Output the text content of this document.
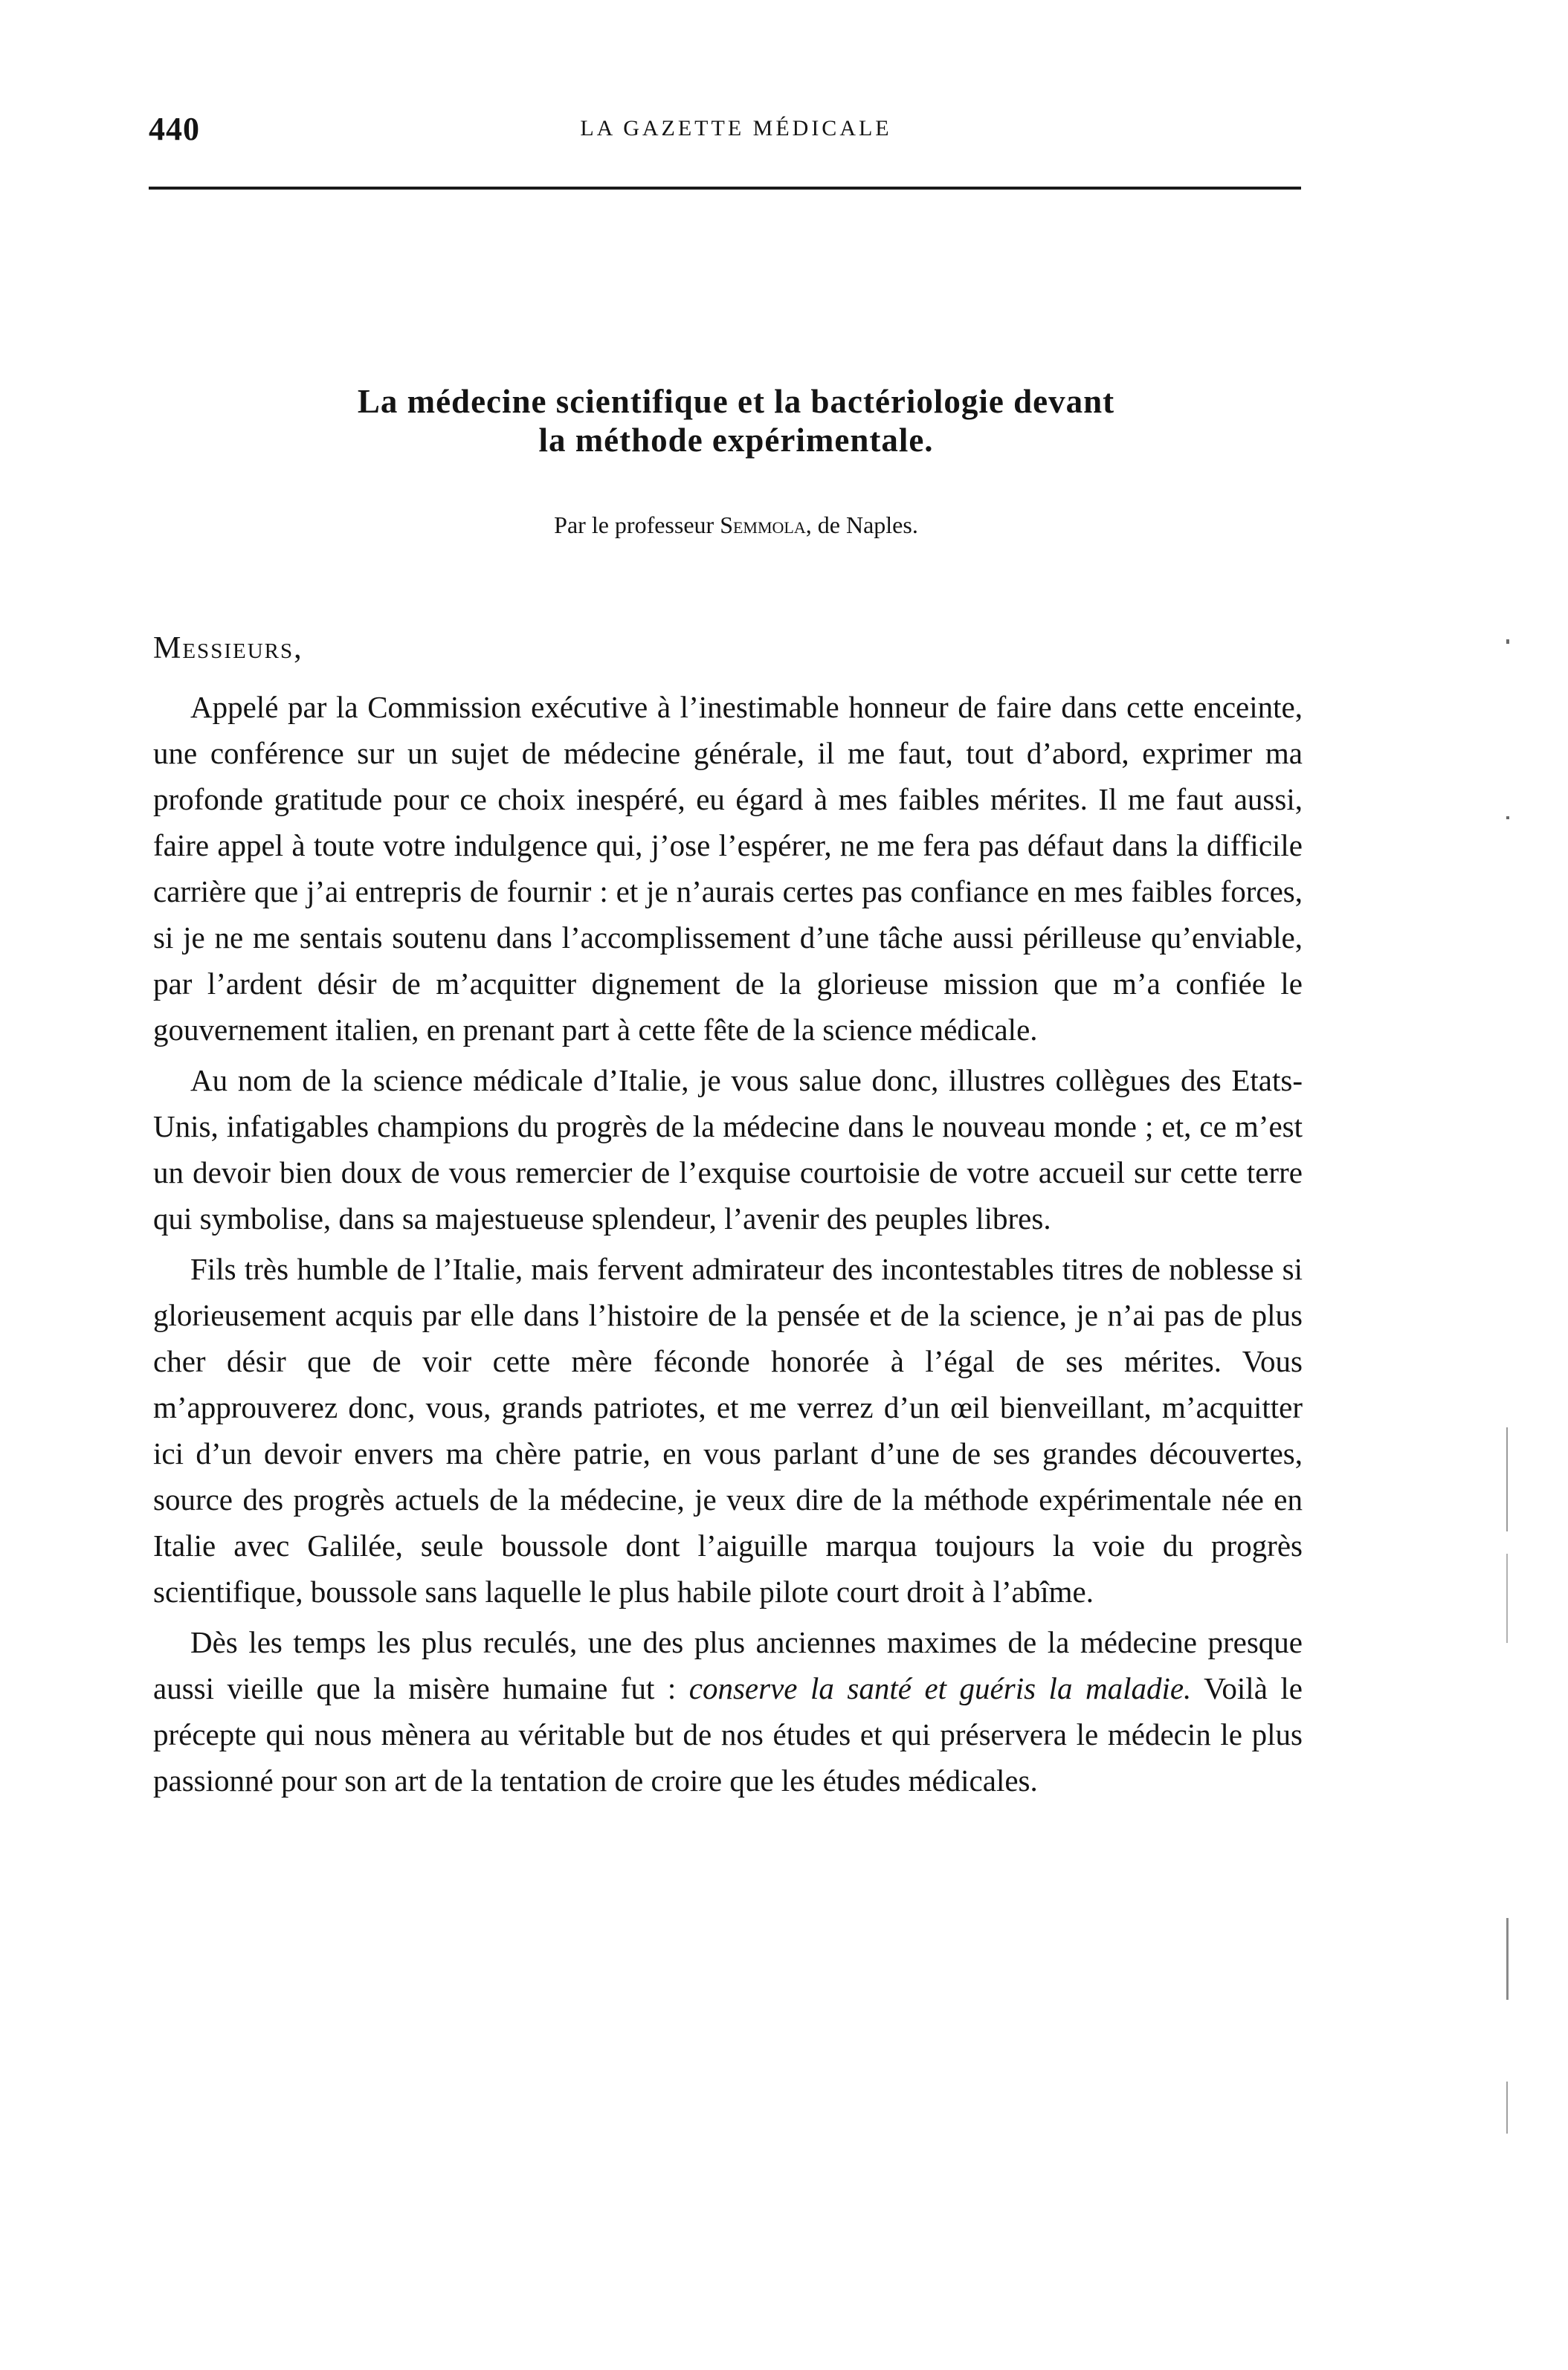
440	LA GAZETTE MÉDICALE
La médecine scientifique et la bactériologie devant
la méthode expérimentale.

Par le professeur Semmola, de Naples.

Messieurs,

Appelé par la Commission exécutive à l’inestimable honneur de faire dans cette enceinte, une conférence sur un sujet de médecine générale, il me faut, tout d’abord, exprimer ma profonde gratitude pour ce choix inespéré, eu égard à mes faibles mérites. Il me faut aussi, faire appel à toute votre indulgence qui, j’ose l’espérer, ne me fera pas défaut dans la difficile carrière que j’ai entrepris de fournir : et je n’aurais certes pas confiance en mes faibles forces, si je ne me sentais soutenu dans l’accomplissement d’une tâche aussi périlleuse qu’enviable, par l’ardent désir de m’acquitter dignement de la glorieuse mission que m’a confiée le gouvernement italien, en prenant part à cette fête de la science médicale.

Au nom de la science médicale d’Italie, je vous salue donc, illustres collègues des Etats-Unis, infatigables champions du progrès de la médecine dans le nouveau monde ; et, ce m’est un devoir bien doux de vous remercier de l’exquise courtoisie de votre accueil sur cette terre qui symbolise, dans sa majestueuse splendeur, l’avenir des peuples libres.

Fils très humble de l’Italie, mais fervent admirateur des incontestables titres de noblesse si glorieusement acquis par elle dans l’histoire de la pensée et de la science, je n’ai pas de plus cher désir que de voir cette mère féconde honorée à l’égal de ses mérites. Vous m’approuverez donc, vous, grands patriotes, et me verrez d’un œil bienveillant, m’acquitter ici d’un devoir envers ma chère patrie, en vous parlant d’une de ses grandes découvertes, source des progrès actuels de la médecine, je veux dire de la méthode expérimentale née en Italie avec Galilée, seule boussole dont l’aiguille marqua toujours la voie du progrès scientifique, boussole sans laquelle le plus habile pilote court droit à l’abîme.

Dès les temps les plus reculés, une des plus anciennes maximes de la médecine presque aussi vieille que la misère humaine fut : conserve la santé et guéris la maladie. Voilà le précepte qui nous mènera au véritable but de nos études et qui préservera le médecin le plus passionné pour son art de la tentation de croire que les études médicales.
